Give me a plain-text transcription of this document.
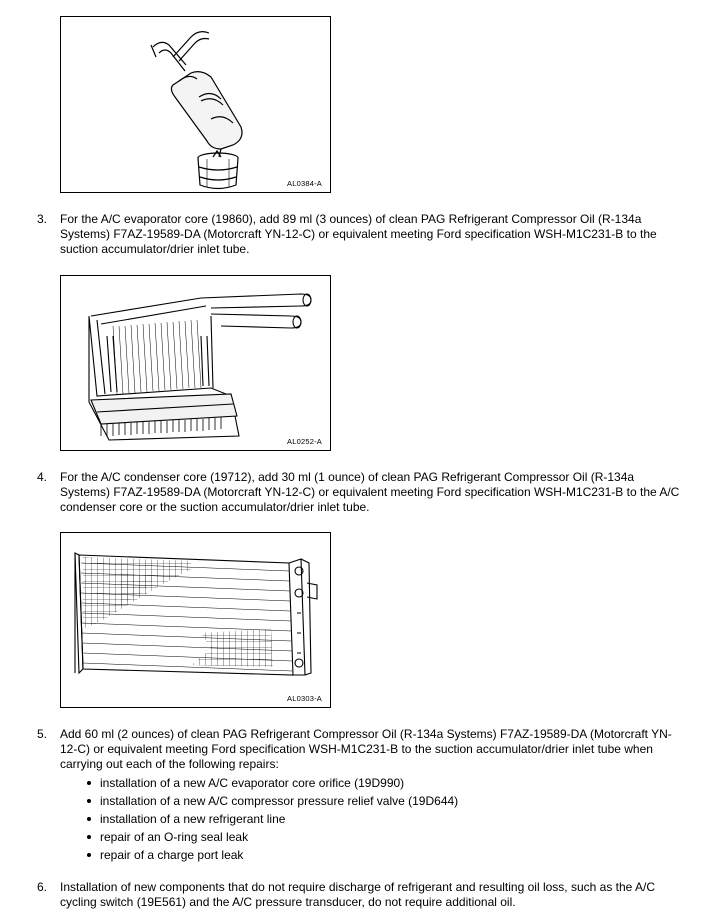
AL0384-A
3. For the A/C evaporator core (19860), add 89 ml (3 ounces) of clean PAG Refrigerant Compressor Oil (R-134a Systems) F7AZ-19589-DA (Motorcraft YN-12-C) or equivalent meeting Ford specification WSH-M1C231-B to the suction accumulator/drier inlet tube.
AL0252-A
4. For the A/C condenser core (19712), add 30 ml (1 ounce) of clean PAG Refrigerant Compressor Oil (R-134a Systems) F7AZ-19589-DA (Motorcraft YN-12-C) or equivalent meeting Ford specification WSH-M1C231-B to the A/C condenser core or the suction accumulator/drier inlet tube.
AL0303-A
5. Add 60 ml (2 ounces) of clean PAG Refrigerant Compressor Oil (R-134a Systems) F7AZ-19589-DA (Motorcraft YN-12-C) or equivalent meeting Ford specification WSH-M1C231-B to the suction accumulator/drier inlet tube when carrying out each of the following repairs:
installation of a new A/C evaporator core orifice (19D990)
installation of a new A/C compressor pressure relief valve (19D644)
installation of a new refrigerant line
repair of an O-ring seal leak
repair of a charge port leak
6. Installation of new components that do not require discharge of refrigerant and resulting oil loss, such as the A/C cycling switch (19E561) and the A/C pressure transducer, do not require additional oil.
